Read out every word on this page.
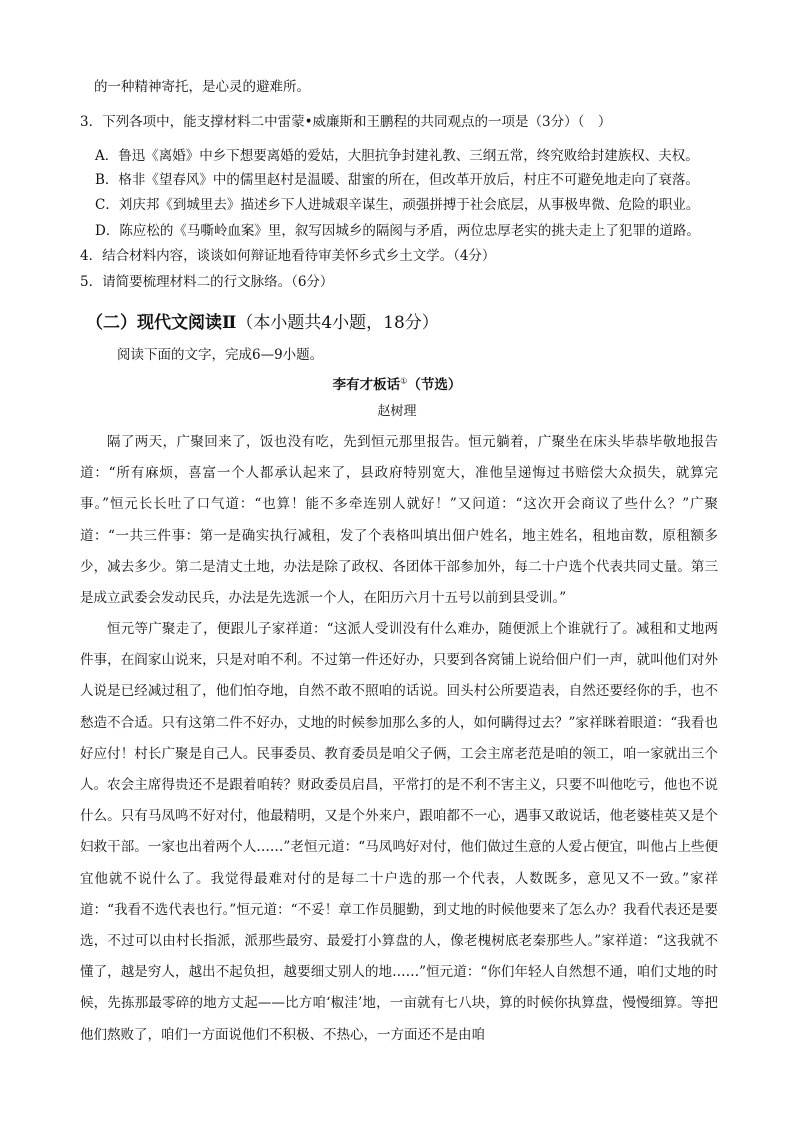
的一种精神寄托，是心灵的避难所。
3．下列各项中，能支撑材料二中雷蒙•威廉斯和王鹏程的共同观点的一项是（3分）（　）
A．鲁迅《离婚》中乡下想要离婚的爱姑，大胆抗争封建礼教、三纲五常，终究败给封建族权、夫权。
B．格非《望春风》中的儒里赵村是温暖、甜蜜的所在，但改革开放后，村庄不可避免地走向了衰落。
C．刘庆邦《到城里去》描述乡下人进城艰辛谋生，顽强拼搏于社会底层，从事极卑微、危险的职业。
D．陈应松的《马嘶岭血案》里，叙写因城乡的隔阂与矛盾，两位忠厚老实的挑夫走上了犯罪的道路。
4．结合材料内容，谈谈如何辩证地看待审美怀乡式乡土文学。（4分）
5．请简要梳理材料二的行文脉络。（6分）
（二）现代文阅读Ⅱ（本小题共4小题，18分）
阅读下面的文字，完成6—9小题。
李有才板话①（节选）
赵树理
隔了两天，广聚回来了，饭也没有吃，先到恒元那里报告。恒元躺着，广聚坐在床头毕恭毕敬地报告道：“所有麻烦，喜富一个人都承认起来了，县政府特别宽大，准他呈递悔过书赔偿大众损失，就算完事。”恒元长长吐了口气道：“也算！能不多牵连别人就好！”又问道：“这次开会商议了些什么？”广聚道：“一共三件事：第一是确实执行减租，发了个表格叫填出佃户姓名，地主姓名，租地亩数，原租额多少，减去多少。第二是清丈土地，办法是除了政权、各团体干部参加外，每二十户选个代表共同丈量。第三是成立武委会发动民兵，办法是先选派一个人，在阳历六月十五号以前到县受训。”
恒元等广聚走了，便跟儿子家祥道：“这派人受训没有什么难办，随便派上个谁就行了。减租和丈地两件事，在阎家山说来，只是对咱不利。不过第一件还好办，只要到各窝铺上说给佃户们一声，就叫他们对外人说是已经减过租了，他们怕夺地，自然不敢不照咱的话说。回头村公所要造表，自然还要经你的手，也不愁造不合适。只有这第二件不好办，丈地的时候参加那么多的人，如何瞒得过去？”家祥眯着眼道：“我看也好应付！村长广聚是自己人。民事委员、教育委员是咱父子俩，工会主席老范是咱的领工，咱一家就出三个人。农会主席得贵还不是跟着咱转？财政委员启昌，平常打的是不利不害主义，只要不叫他吃亏，他也不说什么。只有马凤鸣不好对付，他最精明，又是个外来户，跟咱都不一心，遇事又敢说话，他老婆桂英又是个妇救干部。一家也出着两个人……”老恒元道：“马凤鸣好对付，他们做过生意的人爱占便宜，叫他占上些便宜他就不说什么了。我觉得最难对付的是每二十户选的那一个代表，人数既多，意见又不一致。”家祥道：“我看不选代表也行。”恒元道：“不妥！章工作员腿勤，到丈地的时候他要来了怎么办？我看代表还是要选，不过可以由村长指派，派那些最穷、最爱打小算盘的人，像老槐树底老秦那些人。”家祥道：“这我就不懂了，越是穷人，越出不起负担，越要细丈别人的地……”恒元道：“你们年轻人自然想不通，咱们丈地的时候，先拣那最零碎的地方丈起——比方咱‘椒洼’地，一亩就有七八块，算的时候你执算盘，慢慢细算。等把他们熬败了，咱们一方面说他们不积极、不热心，一方面还不是由咱
